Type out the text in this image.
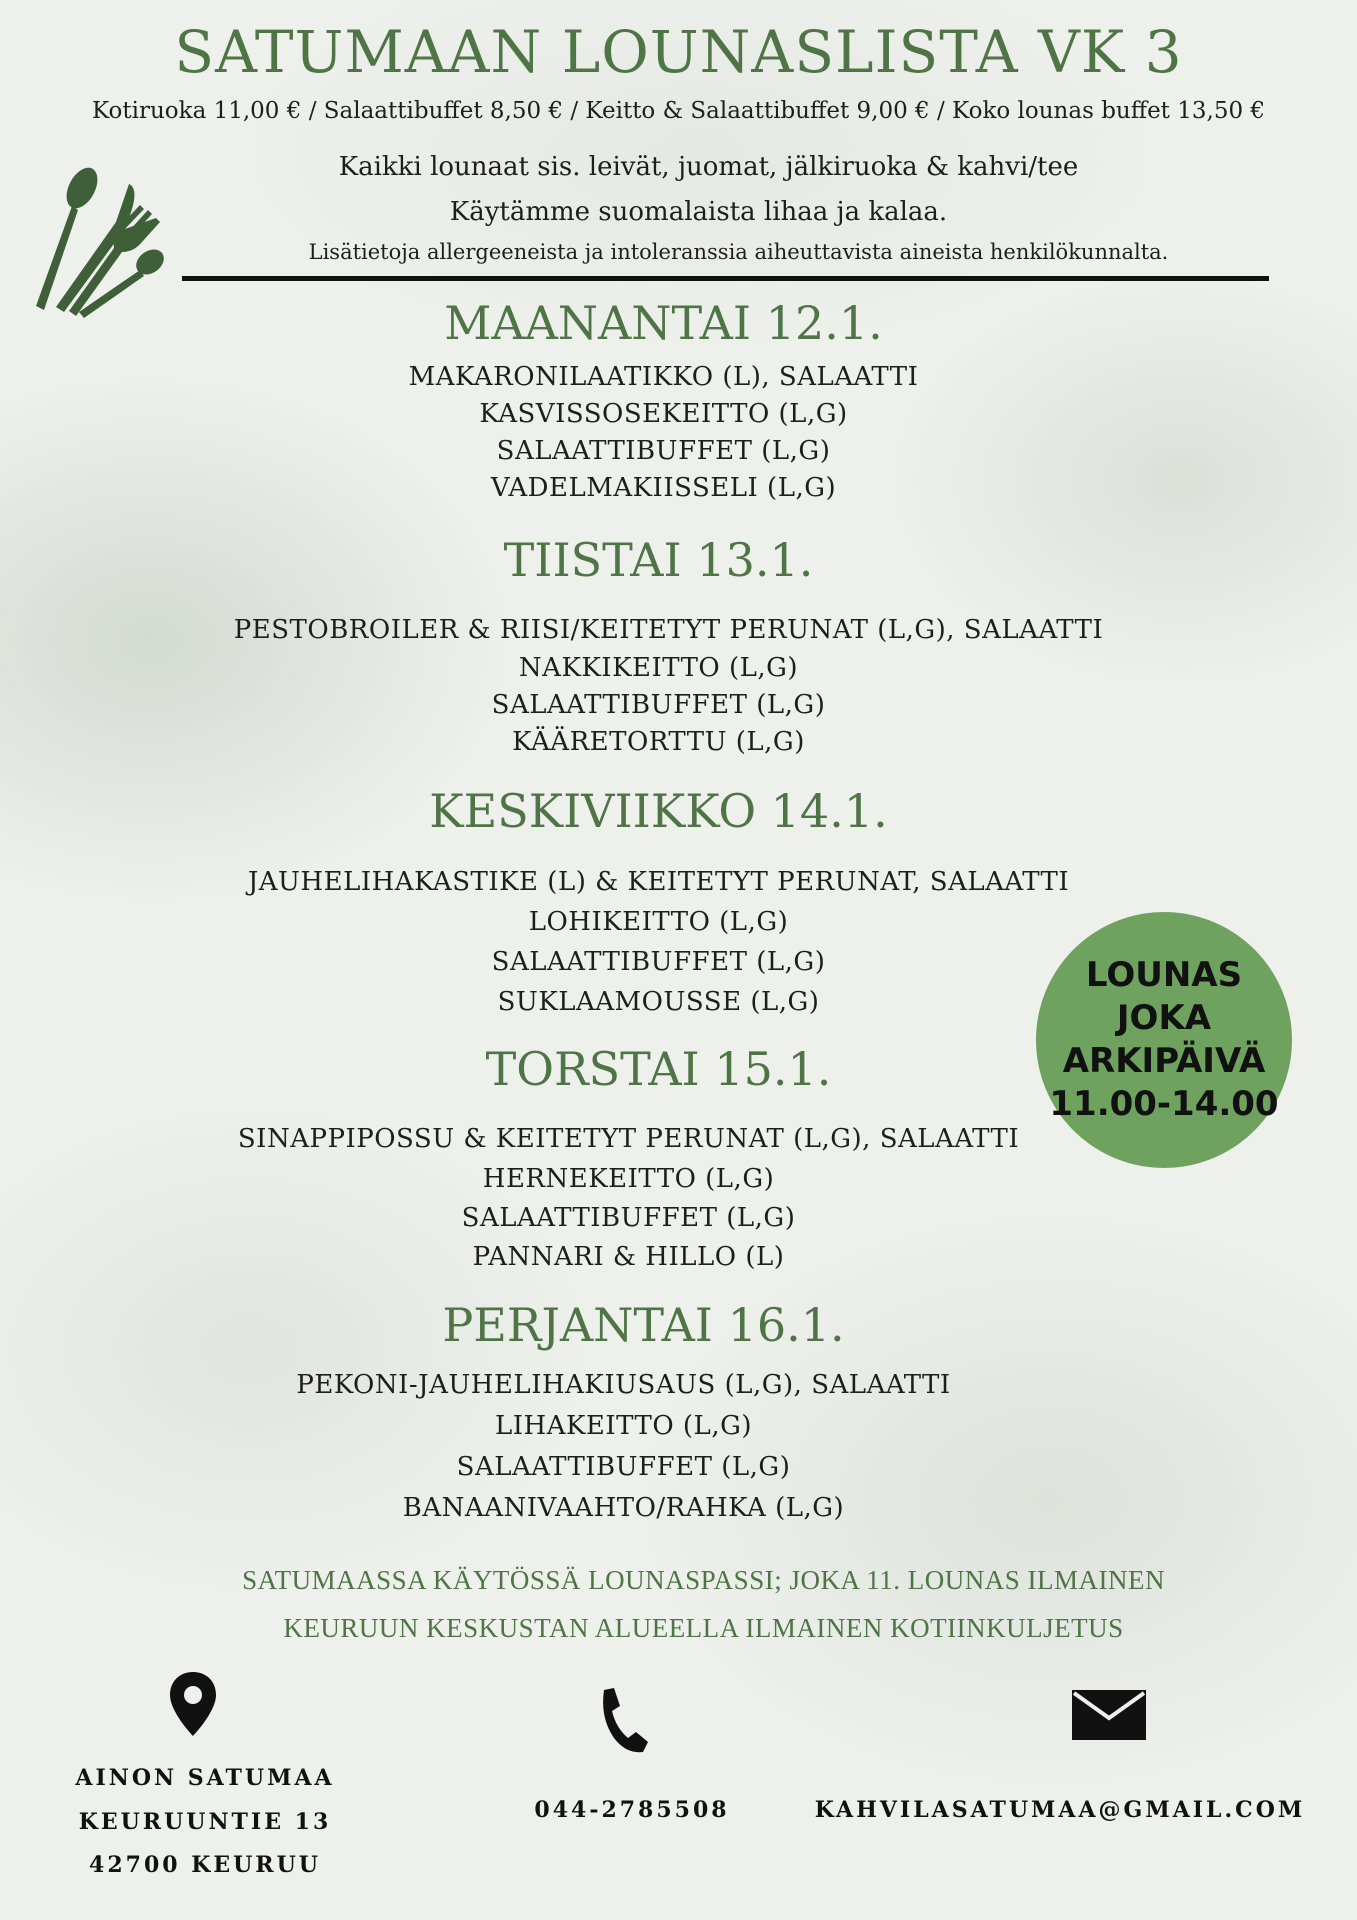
SATUMAAN LOUNASLISTA VK 3
Kotiruoka 11,00 € / Salaattibuffet 8,50 € / Keitto & Salaattibuffet 9,00 € / Koko lounas buffet 13,50 €
Kaikki lounaat sis. leivät, juomat, jälkiruoka & kahvi/tee
Käytämme suomalaista lihaa ja kalaa.
Lisätietoja allergeeneista ja intoleranssia aiheuttavista aineista henkilökunnalta.
MAANANTAI 12.1.
MAKARONILAATIKKO (L), SALAATTI
KASVISSOSEKEITTO (L,G)
SALAATTIBUFFET (L,G)
VADELMAKIISSELI (L,G)
TIISTAI 13.1.
PESTOBROILER & RIISI/KEITETYT PERUNAT (L,G), SALAATTI
NAKKIKEITTO (L,G)
SALAATTIBUFFET (L,G)
KÄÄRETORTTU (L,G)
KESKIVIIKKO 14.1.
JAUHELIHAKASTIKE (L) & KEITETYT PERUNAT, SALAATTI
LOHIKEITTO (L,G)
SALAATTIBUFFET (L,G)
SUKLAAMOUSSE (L,G)
TORSTAI 15.1.
SINAPPIPOSSU & KEITETYT PERUNAT (L,G), SALAATTI
HERNEKEITTO (L,G)
SALAATTIBUFFET (L,G)
PANNARI & HILLO (L)
PERJANTAI 16.1.
PEKONI-JAUHELIHAKIUSAUS (L,G), SALAATTI
LIHAKEITTO (L,G)
SALAATTIBUFFET (L,G)
BANAANIVAAHTO/RAHKA (L,G)
LOUNAS
JOKA
ARKIPÄIVÄ
11.00-14.00
SATUMAASSA KÄYTÖSSÄ LOUNASPASSI; JOKA 11. LOUNAS ILMAINEN
KEURUUN KESKUSTAN ALUEELLA ILMAINEN KOTIINKULJETUS
AINON SATUMAA
KEURUUNTIE 13
42700 KEURUU
044-2785508	KAHVILASATUMAA@GMAIL.COM
